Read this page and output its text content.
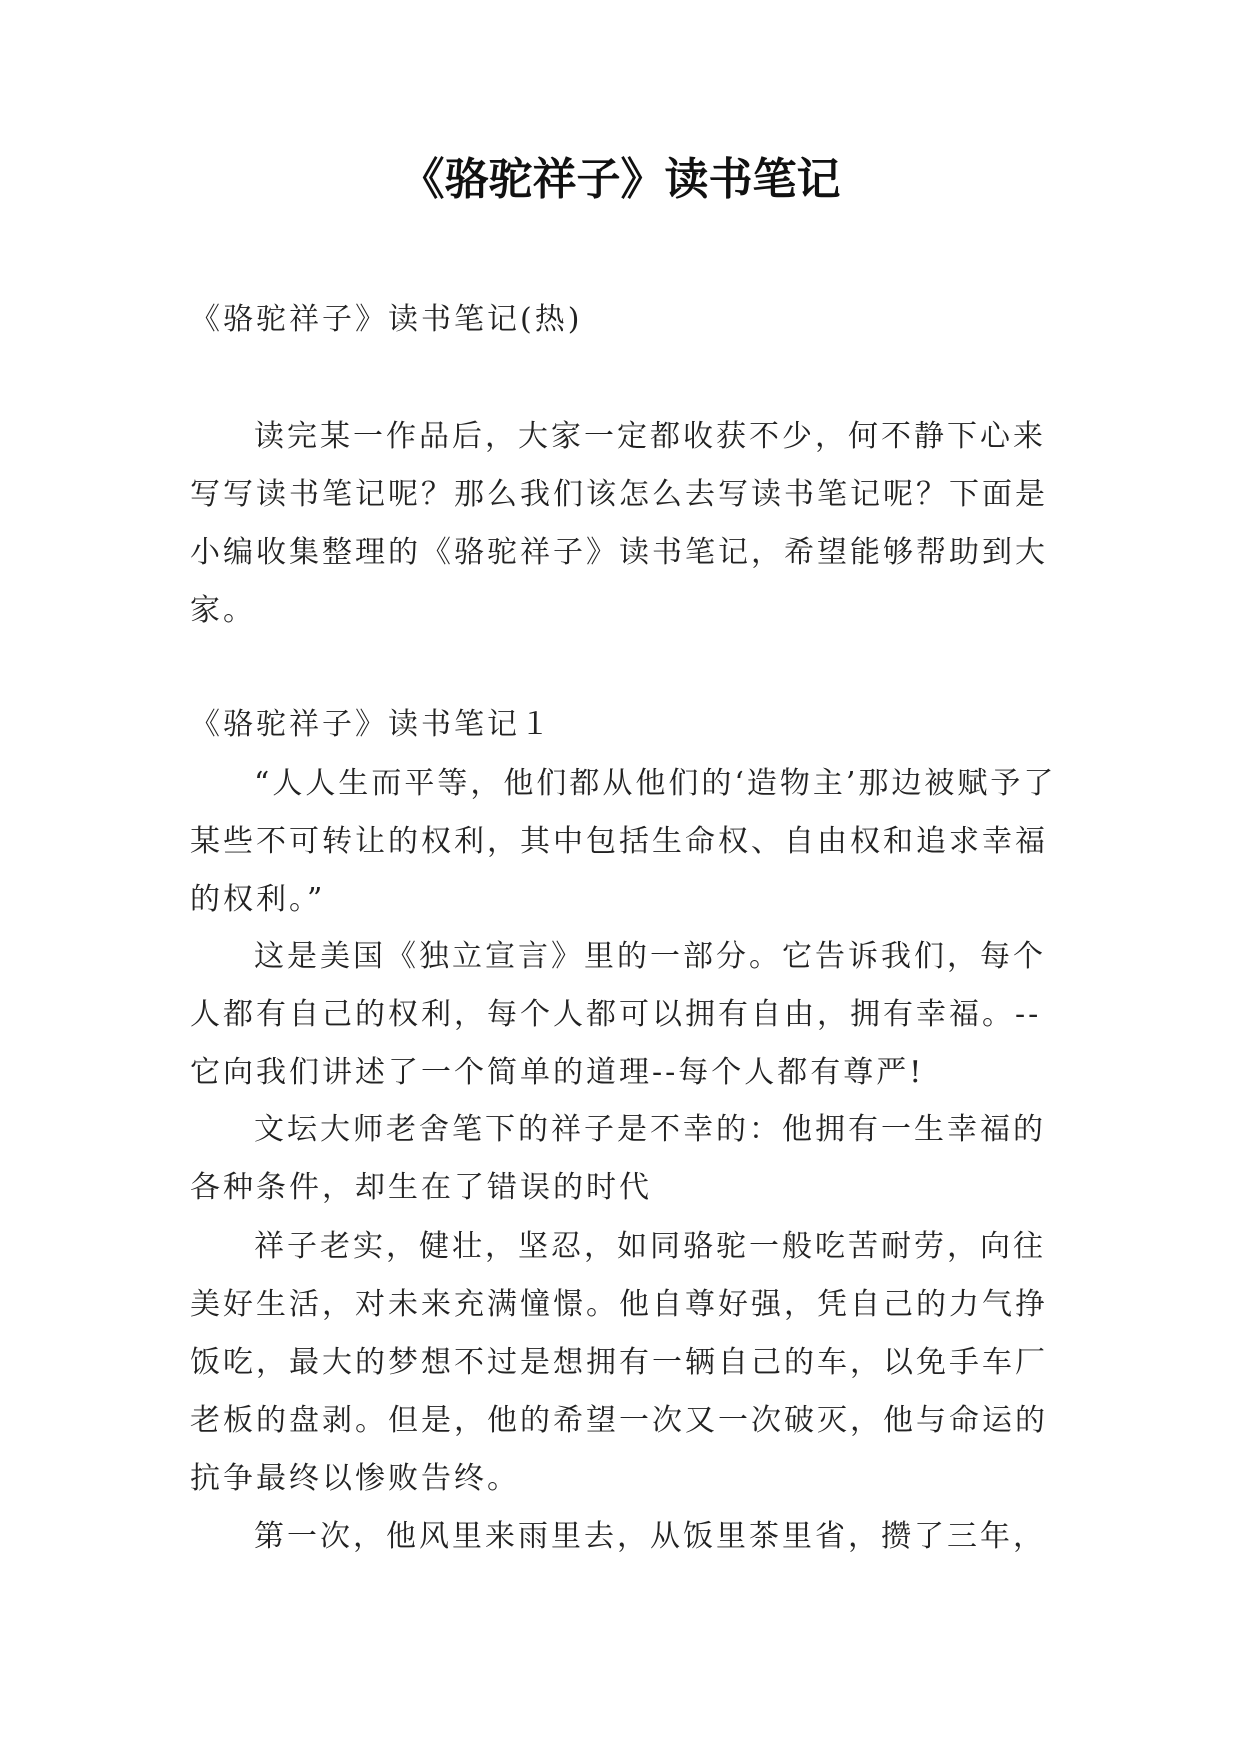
《骆驼祥子》读书笔记

《骆驼祥子》读书笔记(热)

读完某一作品后，大家一定都收获不少，何不静下心来写写读书笔记呢？那么我们该怎么去写读书笔记呢？下面是小编收集整理的《骆驼祥子》读书笔记，希望能够帮助到大家。

《骆驼祥子》读书笔记１

“人人生而平等，他们都从他们的‘造物主’那边被赋予了某些不可转让的权利，其中包括生命权、自由权和追求幸福的权利。”

这是美国《独立宣言》里的一部分。它告诉我们，每个人都有自己的权利，每个人都可以拥有自由，拥有幸福。--它向我们讲述了一个简单的道理--每个人都有尊严!

文坛大师老舍笔下的祥子是不幸的：他拥有一生幸福的各种条件，却生在了错误的时代

祥子老实，健壮，坚忍，如同骆驼一般吃苦耐劳，向往美好生活，对未来充满憧憬。他自尊好强，凭自己的力气挣饭吃，最大的梦想不过是想拥有一辆自己的车，以免手车厂老板的盘剥。但是，他的希望一次又一次破灭，他与命运的抗争最终以惨败告终。

第一次，他风里来雨里去，从饭里茶里省，攒了三年，
